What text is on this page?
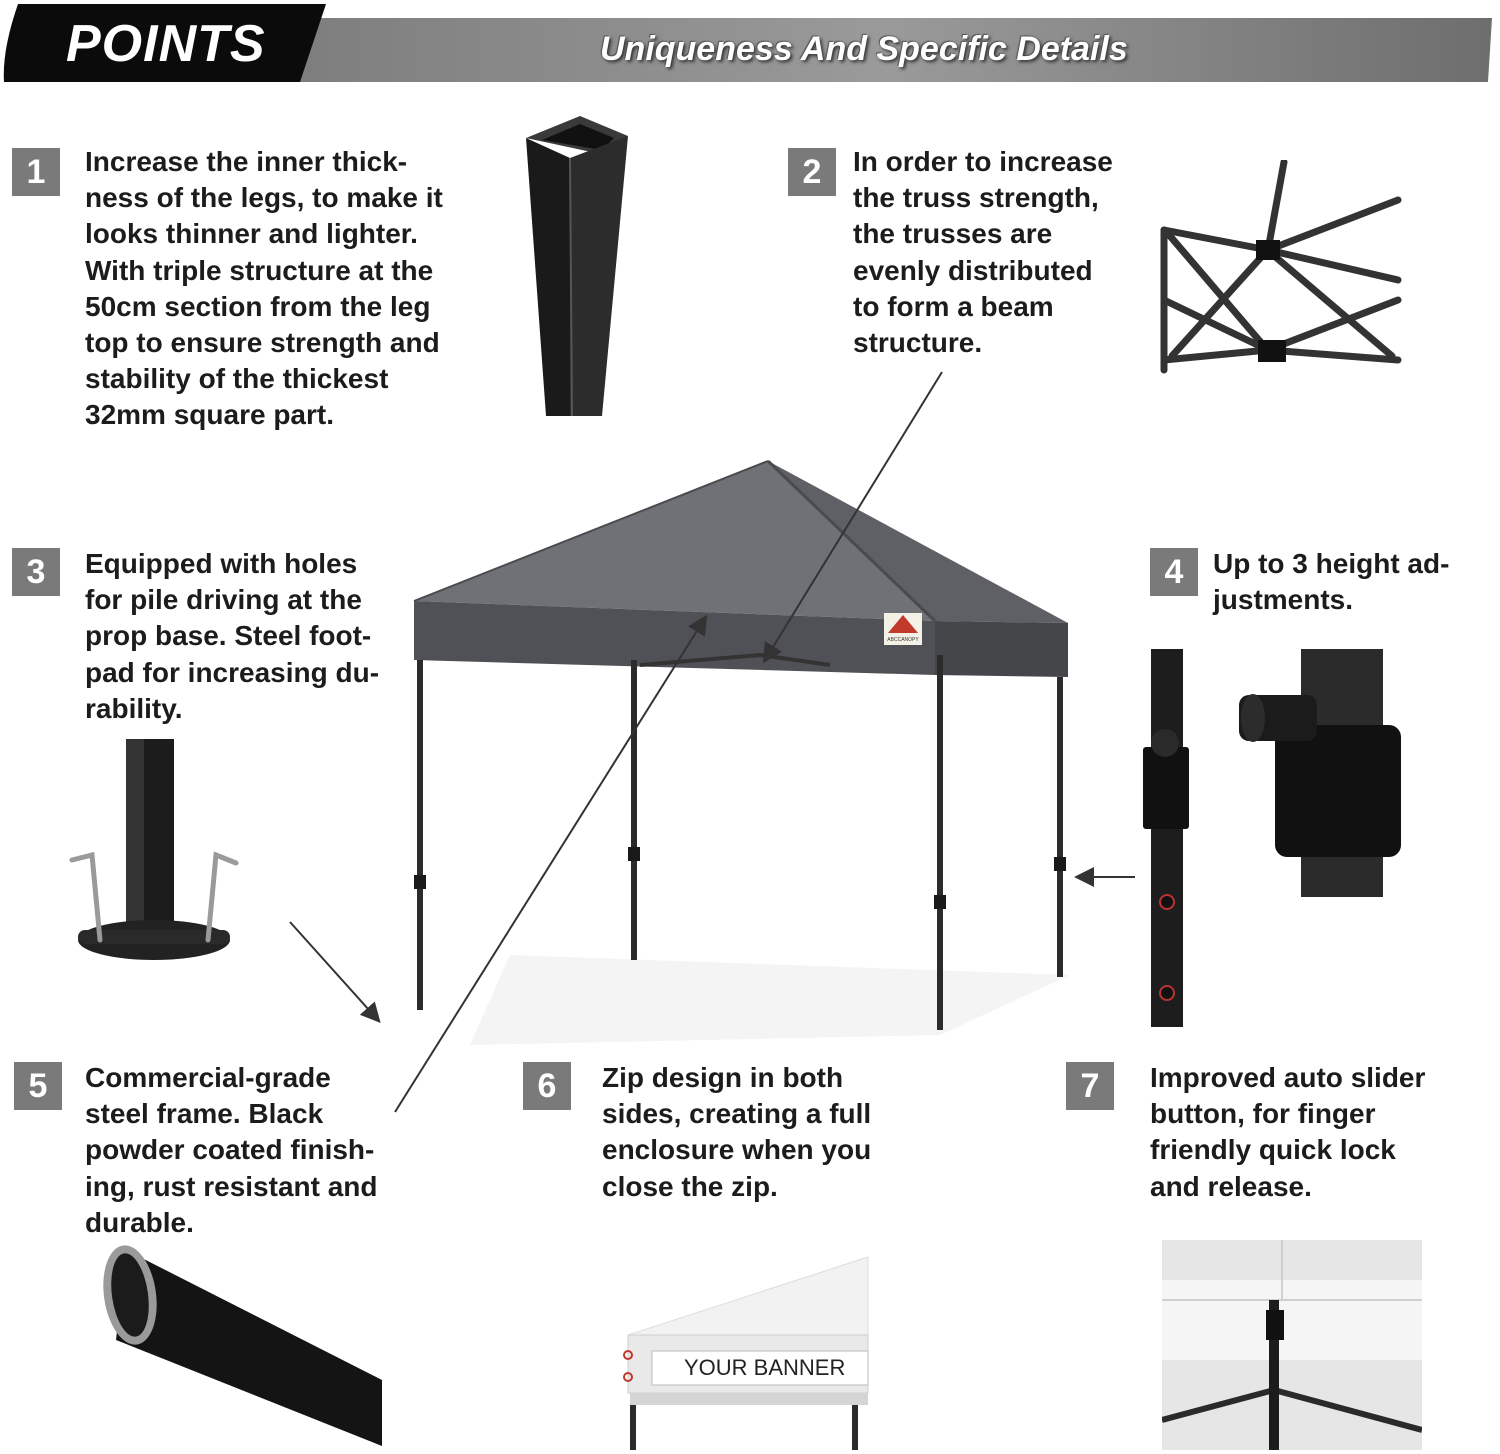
POINTS	Uniqueness And Specific Details
1	Increase the inner thick-
ness of the legs, to make it
looks thinner and lighter.
With triple structure at the
50cm section from the leg
top to ensure strength and
stability of the thickest
32mm square part.
2	In order to increase
the truss strength,
the trusses are
evenly distributed
to form a beam
structure.
3	Equipped with holes
for pile driving at the
prop base. Steel foot-
pad for increasing du-
rability.
4	Up to 3 height ad-
justments.
5	Commercial-grade
steel frame. Black
powder coated finish-
ing, rust resistant and
durable.
6	Zip design in both
sides, creating a full
enclosure when you
close the zip.
7	Improved auto slider
button, for finger
friendly quick lock
and release.
ABCCANOPY
YOUR BANNER
